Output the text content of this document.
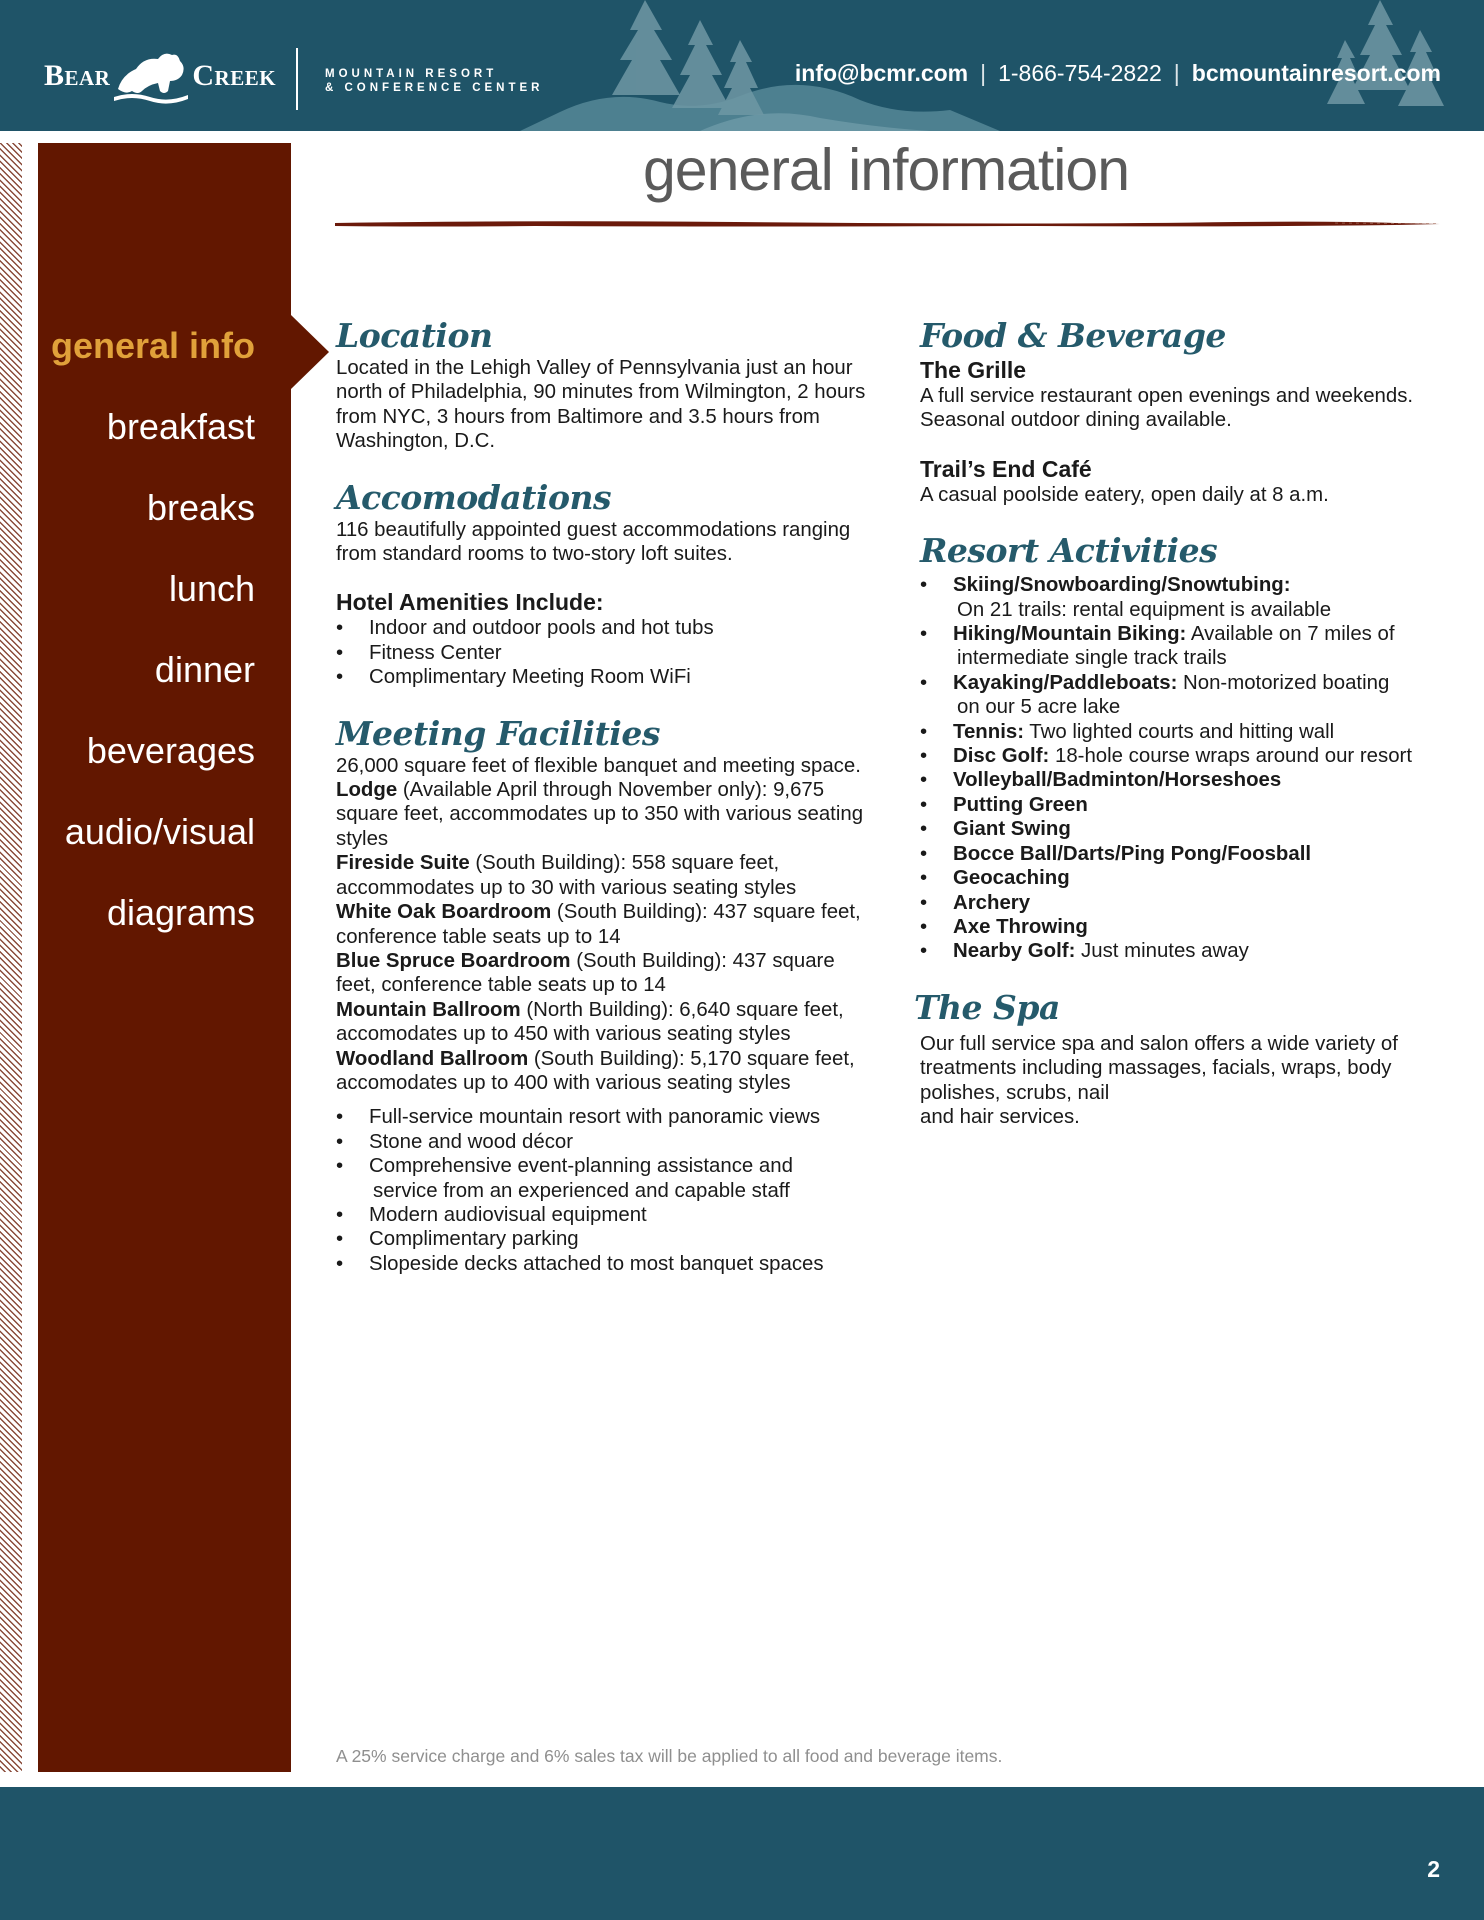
Bear	Creek	MOUNTAIN RESORT
& CONFERENCE CENTER
info@bcmr.com | 1-866-754-2822 | bcmountainresort.com
general info
breakfast
breaks
lunch
dinner
beverages
audio/visual
diagrams
general information
Location

Located in the Lehigh Valley of Pennsylvania just an hour north of Philadelphia, 90 minutes from Wilmington, 2 hours from NYC, 3 hours from Baltimore and 3.5 hours from Washington, D.C.

Accomodations

116 beautifully appointed guest accommodations ranging from standard rooms to two-story loft suites.

Hotel Amenities Include:

• Indoor and outdoor pools and hot tubs
• Fitness Center
• Complimentary Meeting Room WiFi
Meeting Facilities

26,000 square feet of flexible banquet and meeting space.

Lodge (Available April through November only): 9,675 square feet, accommodates up to 350 with various seating styles

Fireside Suite (South Building): 558 square feet, accommodates up to 30 with various seating styles

White Oak Boardroom (South Building): 437 square feet, conference table seats up to 14

Blue Spruce Boardroom (South Building): 437 square feet, conference table seats up to 14

Mountain Ballroom (North Building): 6,640 square feet, accomodates up to 450 with various seating styles

Woodland Ballroom (South Building): 5,170 square feet, accomodates up to 400 with various seating styles

• Full-service mountain resort with panoramic views
• Stone and wood décor
• Comprehensive event-planning assistance and
service from an experienced and capable staff
• Modern audiovisual equipment
• Complimentary parking
• Slopeside decks attached to most banquet spaces
Food & Beverage

The Grille

A full service restaurant open evenings and weekends. Seasonal outdoor dining available.

Trail’s End Café

A casual poolside eatery, open daily at 8 a.m.

Resort Activities
• Skiing/Snowboarding/Snowtubing:
On 21 trails: rental equipment is available
• Hiking/Mountain Biking: Available on 7 miles of
intermediate single track trails
• Kayaking/Paddleboats: Non-motorized boating
on our 5 acre lake
• Tennis: Two lighted courts and hitting wall
• Disc Golf: 18-hole course wraps around our resort
• Volleyball/Badminton/Horseshoes
• Putting Green
• Giant Swing
• Bocce Ball/Darts/Ping Pong/Foosball
• Geocaching
• Archery
• Axe Throwing
• Nearby Golf: Just minutes away
The Spa

Our full service spa and salon offers a wide variety of
treatments including massages, facials, wraps, body
polishes, scrubs, nail
and hair services.

A 25% service charge and 6% sales tax will be applied to all food and beverage items.
2
